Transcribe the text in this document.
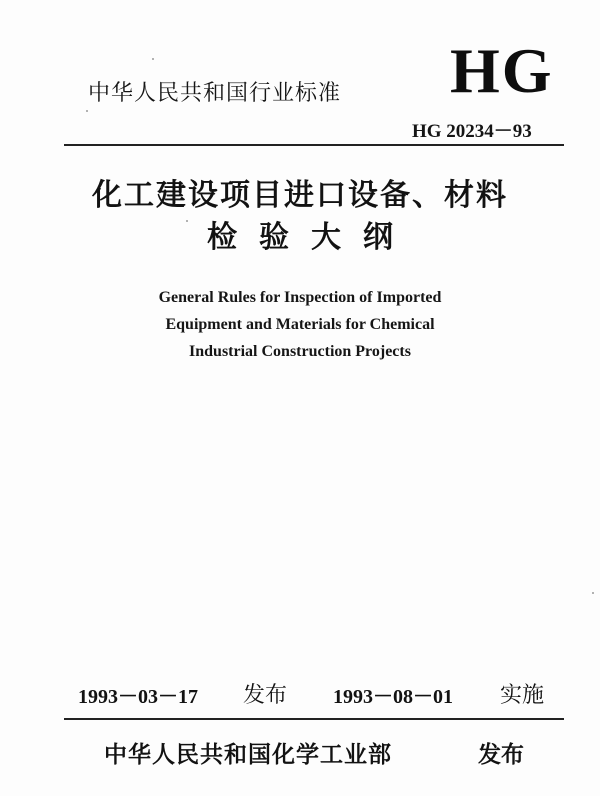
中华人民共和国行业标准 HG
HG 20234－93
化工建设项目进口设备、材料
检验大纲
General Rules for Inspection of Imported
Equipment and Materials for Chemical
Industrial Construction Projects
1993－03－17 发布 1993－08－01 实施
中华人民共和国化学工业部	发布
